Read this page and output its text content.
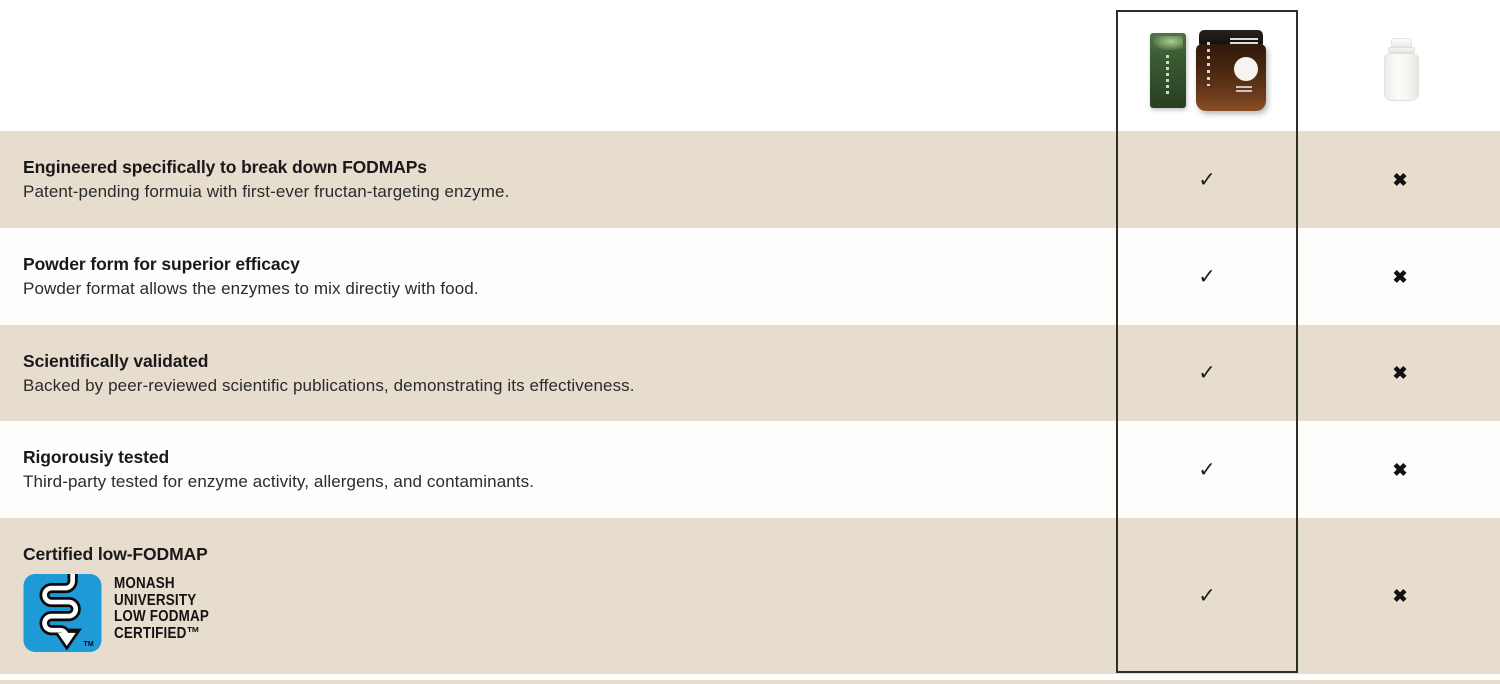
Engineered specifically to break down FODMAPs
Patent-pending formuia with first-ever fructan-targeting enzyme.
✓	✖
Powder form for superior efficacy
Powder format allows the enzymes to mix directiy with food.
✓	✖
Scientifically validated
Backed by peer-reviewed scientific publications, demonstrating its effectiveness.
✓	✖
Rigorousiy tested
Third-party tested for enzyme activity, allergens, and contaminants.
✓	✖
Certified low-FODMAP
TM
MONASH
UNIVERSITY
LOW FODMAP
CERTIFIED™
✓	✖
